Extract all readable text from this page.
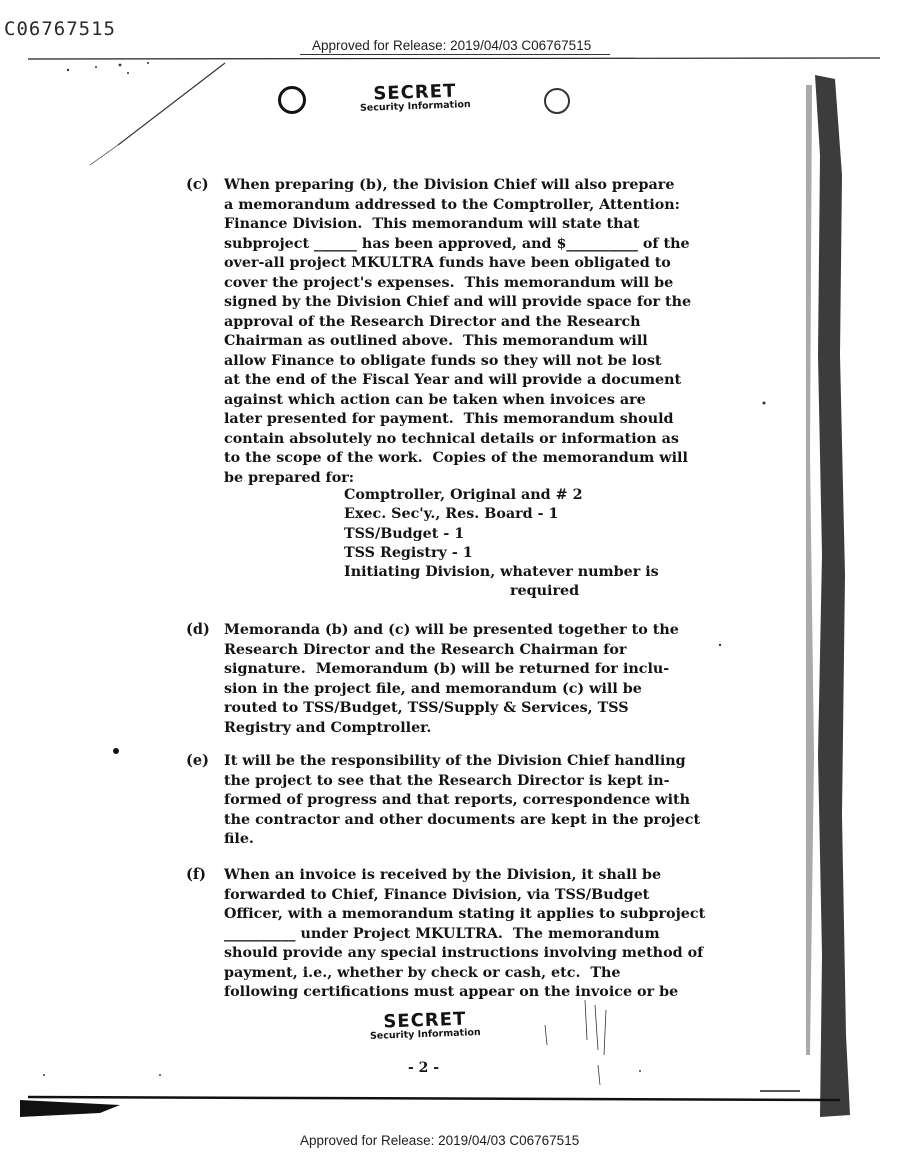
C06767515
Approved for Release: 2019/04/03 C06767515
SECRET
Security Information
(c) When preparing (b), the Division Chief will also prepare
a memorandum addressed to the Comptroller, Attention:
Finance Division.  This memorandum will state that
subproject ______ has been approved, and $__________ of the
over-all project MKULTRA funds have been obligated to
cover the project's expenses.  This memorandum will be
signed by the Division Chief and will provide space for the
approval of the Research Director and the Research
Chairman as outlined above.  This memorandum will
allow Finance to obligate funds so they will not be lost
at the end of the Fiscal Year and will provide a document
against which action can be taken when invoices are
later presented for payment.  This memorandum should
contain absolutely no technical details or information as
to the scope of the work.  Copies of the memorandum will
be prepared for:
Comptroller, Original and # 2
Exec. Sec'y., Res. Board - 1
TSS/Budget - 1
TSS Registry - 1
Initiating Division, whatever number is
required
(d) Memoranda (b) and (c) will be presented together to the
Research Director and the Research Chairman for
signature.  Memorandum (b) will be returned for inclu-
sion in the project file, and memorandum (c) will be
routed to TSS/Budget, TSS/Supply & Services, TSS
Registry and Comptroller.
(e) It will be the responsibility of the Division Chief handling
the project to see that the Research Director is kept in-
formed of progress and that reports, correspondence with
the contractor and other documents are kept in the project
file.
(f) When an invoice is received by the Division, it shall be
forwarded to Chief, Finance Division, via TSS/Budget
Officer, with a memorandum stating it applies to subproject
__________ under Project MKULTRA.  The memorandum
should provide any special instructions involving method of
payment, i.e., whether by check or cash, etc.  The
following certifications must appear on the invoice or be
SECRET
Security Information
- 2 -
Approved for Release: 2019/04/03 C06767515
